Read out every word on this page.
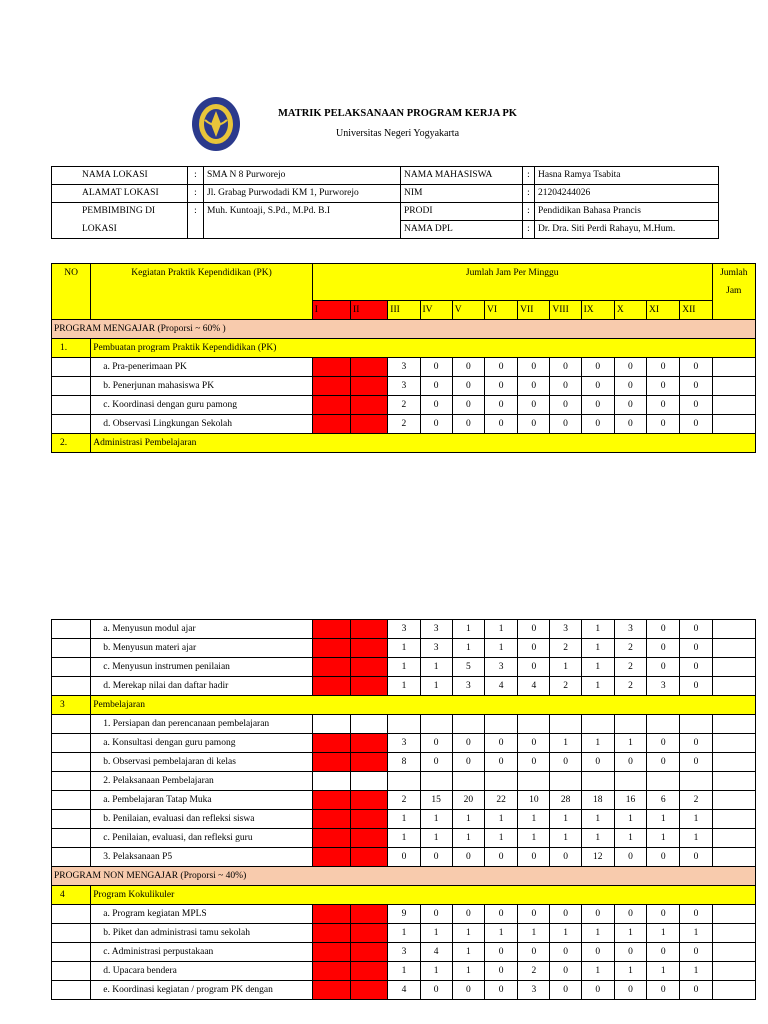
MATRIK PELAKSANAAN PROGRAM KERJA PK
Universitas Negeri Yogyakarta
NAMA LOKASI	:	SMA N 8 Purworejo	NAMA MAHASISWA	:	Hasna Ramya Tsabita
ALAMAT LOKASI	:	Jl. Grabag Purwodadi KM 1, Purworejo	NIM	:	21204244026
PEMBIMBING DI	:	Muh. Kuntoaji, S.Pd., M.Pd. B.I	PRODI	:	Pendidikan Bahasa Prancis
LOKASI			NAMA DPL	:	Dr. Dra. Siti Perdi Rahayu, M.Hum.
NO	Kegiatan Praktik Kependidikan (PK)	Jumlah Jam Per Minggu												Jumlah
Jam

		I	II	III	IV	V	VI	VII	VIII	IX	X	XI	XII	
PROGRAM MENGAJAR (Proporsi ~ 60% )														
1.	Pembuatan program Praktik Kependidikan (PK)													
	a. Pra-penerimaan PK			3	0	0	0	0	0	0	0	0	0	
	b. Penerjunan mahasiswa PK			3	0	0	0	0	0	0	0	0	0	
	c. Koordinasi dengan guru pamong			2	0	0	0	0	0	0	0	0	0	
	d. Observasi Lingkungan Sekolah			2	0	0	0	0	0	0	0	0	0	
2.	Administrasi Pembelajaran													
	a. Menyusun modul ajar			3	3	1	1	0	3	1	3	0	0	
	b. Menyusun materi ajar			1	3	1	1	0	2	1	2	0	0	
	c. Menyusun instrumen penilaian			1	1	5	3	0	1	1	2	0	0	
	d. Merekap nilai dan daftar hadir			1	1	3	4	4	2	1	2	3	0	
3	Pembelajaran													
	1. Persiapan dan perencanaan pembelajaran													
	a. Konsultasi dengan guru pamong			3	0	0	0	0	1	1	1	0	0	
	b. Observasi pembelajaran di kelas			8	0	0	0	0	0	0	0	0	0	
	2. Pelaksanaan Pembelajaran													
	a. Pembelajaran Tatap Muka			2	15	20	22	10	28	18	16	6	2	
	b. Penilaian, evaluasi dan refleksi siswa			1	1	1	1	1	1	1	1	1	1	
	c. Penilaian, evaluasi, dan refleksi guru			1	1	1	1	1	1	1	1	1	1	
	3. Pelaksanaan P5			0	0	0	0	0	0	12	0	0	0	
PROGRAM NON MENGAJAR (Proporsi ~ 40%)														
4	Program Kokulikuler													
	a. Program kegiatan MPLS			9	0	0	0	0	0	0	0	0	0	
	b. Piket dan administrasi tamu sekolah			1	1	1	1	1	1	1	1	1	1	
	c. Administrasi perpustakaan			3	4	1	0	0	0	0	0	0	0	
	d. Upacara bendera			1	1	1	0	2	0	1	1	1	1	
	e. Koordinasi kegiatan / program PK dengan			4	0	0	0	3	0	0	0	0	0	
